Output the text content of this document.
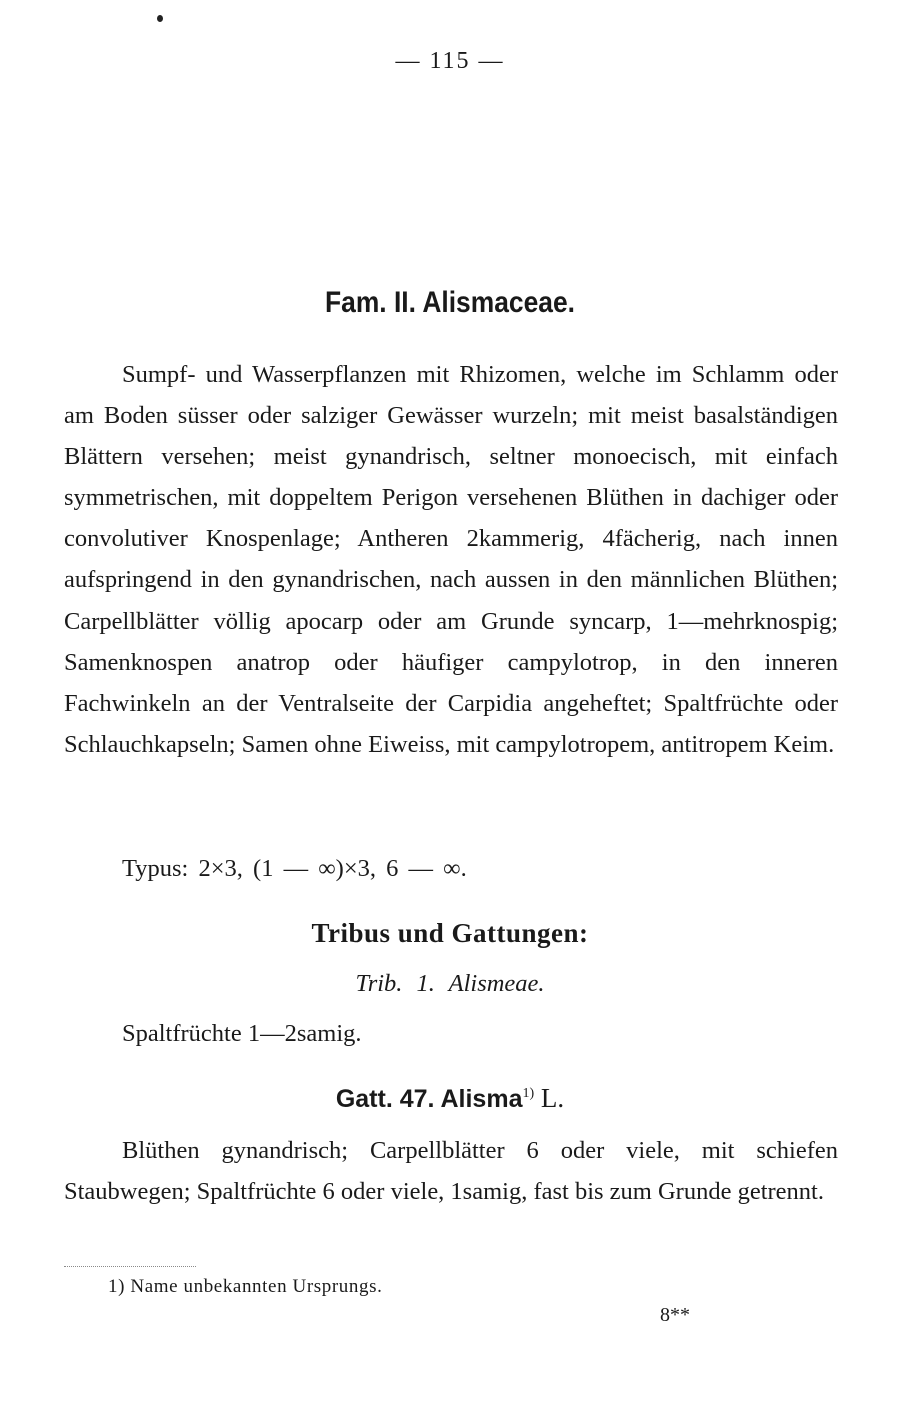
— 115 —
Fam. II. Alismaceae.

Sumpf- und Wasserpflanzen mit Rhizomen, welche im Schlamm oder am Boden süsser oder salziger Gewässer wurzeln; mit meist basalständigen Blättern versehen; meist gynandrisch, seltner monoecisch, mit einfach symmetrischen, mit doppeltem Perigon versehenen Blüthen in dachiger oder convolutiver Knospenlage; Antheren 2kammerig, 4fächerig, nach innen aufspringend in den gynandrischen, nach aussen in den männlichen Blüthen; Carpellblätter völlig apocarp oder am Grunde syncarp, 1—mehrknospig; Samenknospen anatrop oder häufiger campylotrop, in den inneren Fachwinkeln an der Ventralseite der Carpidia angeheftet; Spaltfrüchte oder Schlauchkapseln; Samen ohne Eiweiss, mit campylotropem, antitropem Keim.

Typus: 2×3, (1 — ∞)×3, 6 — ∞.
Tribus und Gattungen:
Trib. 1. Alismeae.
Spaltfrüchte 1—2samig.
Gatt. 47. Alisma$^{1)}$ L.

Blüthen gynandrisch; Carpellblätter 6 oder viele, mit schiefen Staubwegen; Spaltfrüchte 6 oder viele, 1samig, fast bis zum Grunde getrennt.

1) Name unbekannten Ursprungs.
8**
